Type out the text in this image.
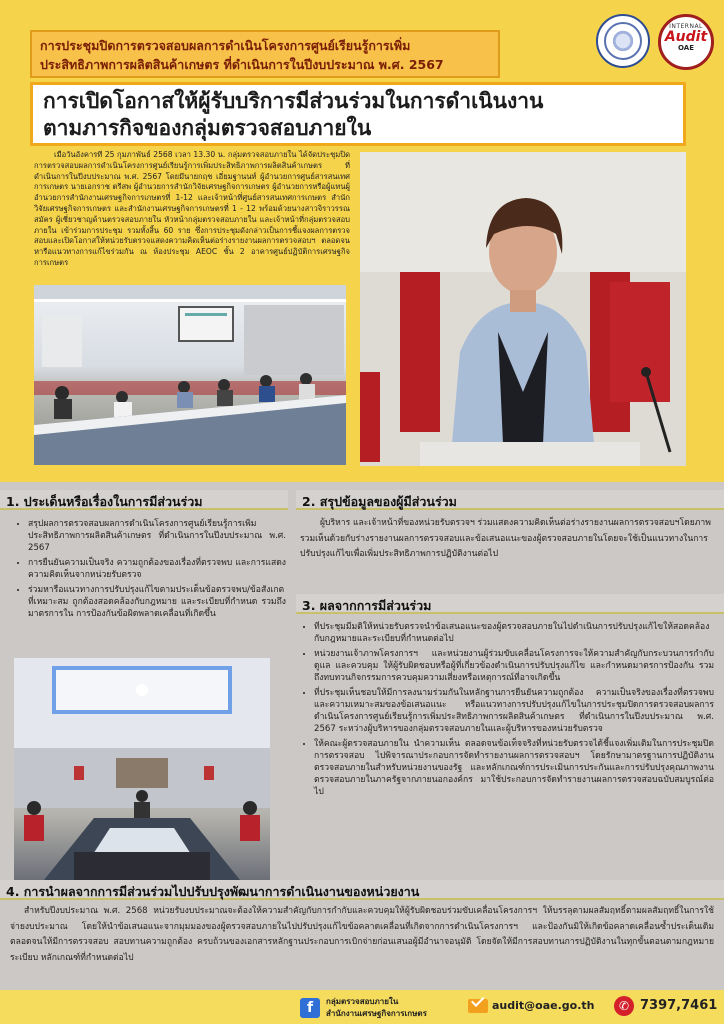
การประชุมปิดการตรวจสอบผลการดำเนินโครงการศูนย์เรียนรู้การเพิ่ม
ประสิทธิภาพการผลิตสินค้าเกษตร ที่ดำเนินการในปีงบประมาณ พ.ศ. 2567
INTERNAL
Audit
OAE
การเปิดโอกาสให้ผู้รับบริการมีส่วนร่วมในการดำเนินงาน
ตามภารกิจของกลุ่มตรวจสอบภายใน

เมื่อวันอังคารที่ 25 กุมภาพันธ์ 2568 เวลา 13.30 น. กลุ่มตรวจสอบภายใน ได้จัดประชุมปิดการตรวจสอบผลการดำเนินโครงการศูนย์เรียนรู้การเพิ่มประสิทธิภาพการผลิตสินค้าเกษตร ที่ดำเนินการในปีงบประมาณ พ.ศ. 2567 โดยมีนายกฤช เอี่ยมฐานนท์ ผู้อำนวยการศูนย์สารสนเทศการเกษตร นายเอกราช ตรีสพ ผู้อำนวยการสำนักวิจัยเศรษฐกิจการเกษตร ผู้อำนวยการหรือผู้แทนผู้อำนวยการสำนักงานเศรษฐกิจการเกษตรที่ 1-12 และเจ้าหน้าที่ศูนย์สารสนเทศการเกษตร สำนักวิจัยเศรษฐกิจการเกษตร และสำนักงานเศรษฐกิจการเกษตรที่ 1 - 12 พร้อมด้วยนางสาวจิราวรรณ สมัคร ผู้เชี่ยวชาญด้านตรวจสอบภายใน หัวหน้ากลุ่มตรวจสอบภายใน และเจ้าหน้าที่กลุ่มตรวจสอบภายใน เข้าร่วมการประชุม รวมทั้งสิ้น 60 ราย ซึ่งการประชุมดังกล่าวเป็นการชี้แจงผลการตรวจสอบและเปิดโอกาสให้หน่วยรับตรวจแสดงความคิดเห็นต่อร่างรายงานผลการตรวจสอบฯ ตลอดจนหารือแนวทางการแก้ไขร่วมกัน ณ ห้องประชุม AEOC ชั้น 2 อาคารศูนย์ปฏิบัติการเศรษฐกิจการเกษตร

1. ประเด็นหรือเรื่องในการมีส่วนร่วม	2. สรุปข้อมูลของผู้มีส่วนร่วม
• สรุปผลการตรวจสอบผลการดำเนินโครงการศูนย์เรียนรู้การเพิ่มประสิทธิภาพการผลิตสินค้าเกษตร ที่ดำเนินการในปีงบประมาณ พ.ศ. 2567
• การยืนยันความเป็นจริง ความถูกต้องของเรื่องที่ตรวจพบ และการแสดงความคิดเห็นจากหน่วยรับตรวจ
• ร่วมหารือแนวทางการปรับปรุงแก้ไขตามประเด็นข้อตรวจพบ/ข้อสังเกตที่เหมาะสม ถูกต้องสอดคล้องกับกฎหมาย และระเบียบที่กำหนด รวมถึงมาตรการใน การป้องกันข้อผิดพลาดเคลื่อนที่เกิดขึ้น

ผู้บริหาร และเจ้าหน้าที่ของหน่วยรับตรวจฯ ร่วมแสดงความคิดเห็นต่อร่างรายงานผลการตรวจสอบฯโดยภาพรวมเห็นด้วยกับร่างรายงานผลการตรวจสอบและข้อเสนอแนะของผู้ตรวจสอบภายในโดยจะใช้เป็นแนวทางในการปรับปรุงแก้ไขเพื่อเพิ่มประสิทธิภาพการปฏิบัติงานต่อไป

3. ผลจากการมีส่วนร่วม
• ที่ประชุมมีมติให้หน่วยรับตรวจนำข้อเสนอแนะของผู้ตรวจสอบภายในไปดำเนินการปรับปรุงแก้ไขให้สอดคล้องกับกฎหมายและระเบียบที่กำหนดต่อไป
• หน่วยงานเจ้าภาพโครงการฯ และหน่วยงานผู้ร่วมขับเคลื่อนโครงการจะให้ความสำคัญกับกระบวนการกำกับ ดูแล และควบคุม ให้ผู้รับผิดชอบหรือผู้ที่เกี่ยวข้องดำเนินการปรับปรุงแก้ไข และกำหนดมาตรการป้องกัน รวมถึงทบทวนกิจกรรมการควบคุมความเสี่ยงหรือเหตุการณ์ที่อาจเกิดขึ้น
• ที่ประชุมเห็นชอบให้มีการลงนามร่วมกันในหลักฐานการยืนยันความถูกต้อง ความเป็นจริงของเรื่องที่ตรวจพบ และความเหมาะสมของข้อเสนอแนะ หรือแนวทางการปรับปรุงแก้ไขในการประชุมปิดการตรวจสอบผลการดำเนินโครงการศูนย์เรียนรู้การเพิ่มประสิทธิภาพการผลิตสินค้าเกษตร ที่ดำเนินการในปีงบประมาณ พ.ศ. 2567 ระหว่างผู้บริหารของกลุ่มตรวจสอบภายในและผู้บริหารของหน่วยรับตรวจ
• ให้คณะผู้ตรวจสอบภายใน นำความเห็น ตลอดจนข้อเท็จจริงที่หน่วยรับตรวจได้ชี้แจงเพิ่มเติมในการประชุมปิดการตรวจสอบ ไปพิจารณาประกอบการจัดทำรายงานผลการตรวจสอบฯ โดยรักษามาตรฐานการปฏิบัติงาน ตรวจสอบภายในสำหรับหน่วยงานของรัฐ และหลักเกณฑ์การประเมินการประกันและการปรับปรุงคุณภาพงานตรวจสอบภายในภาครัฐจากภายนอกองค์กร มาใช้ประกอบการจัดทำรายงานผลการตรวจสอบฉบับสมบูรณ์ต่อไป
4. การนำผลจากการมีส่วนร่วมไปปรับปรุงพัฒนาการดำเนินงานของหน่วยงาน

สำหรับปีงบประมาณ พ.ศ. 2568 หน่วยรับงบประมาณจะต้องให้ความสำคัญกับการกำกับและควบคุมให้ผู้รับผิดชอบร่วมขับเคลื่อนโครงการฯ ให้บรรลุตามผลสัมฤทธิ์ตามผลสัมฤทธิ์ในการใช้จ่ายงบประมาณ โดยให้นำข้อเสนอแนะจากมุมมองของผู้ตรวจสอบภายในไปปรับปรุงแก้ไขข้อคลาดเคลื่อนที่เกิดจากการดำเนินโครงการฯ และป้องกันมิให้เกิดข้อคลาดเคลื่อนซ้ำประเด็นเดิม ตลอดจนให้มีการตรวจสอบ สอบทานความถูกต้อง ครบถ้วนของเอกสารหลักฐานประกอบการเบิกจ่ายก่อนเสนอผู้มีอำนาจอนุมัติ โดยจัดให้มีการสอบทานการปฏิบัติงานในทุกขั้นตอนตามกฎหมาย ระเบียบ หลักเกณฑ์ที่กำหนดต่อไป

f	กลุ่มตรวจสอบภายใน
สำนักงานเศรษฐกิจการเกษตร
audit@oae.go.th	✆ 7397,7461
